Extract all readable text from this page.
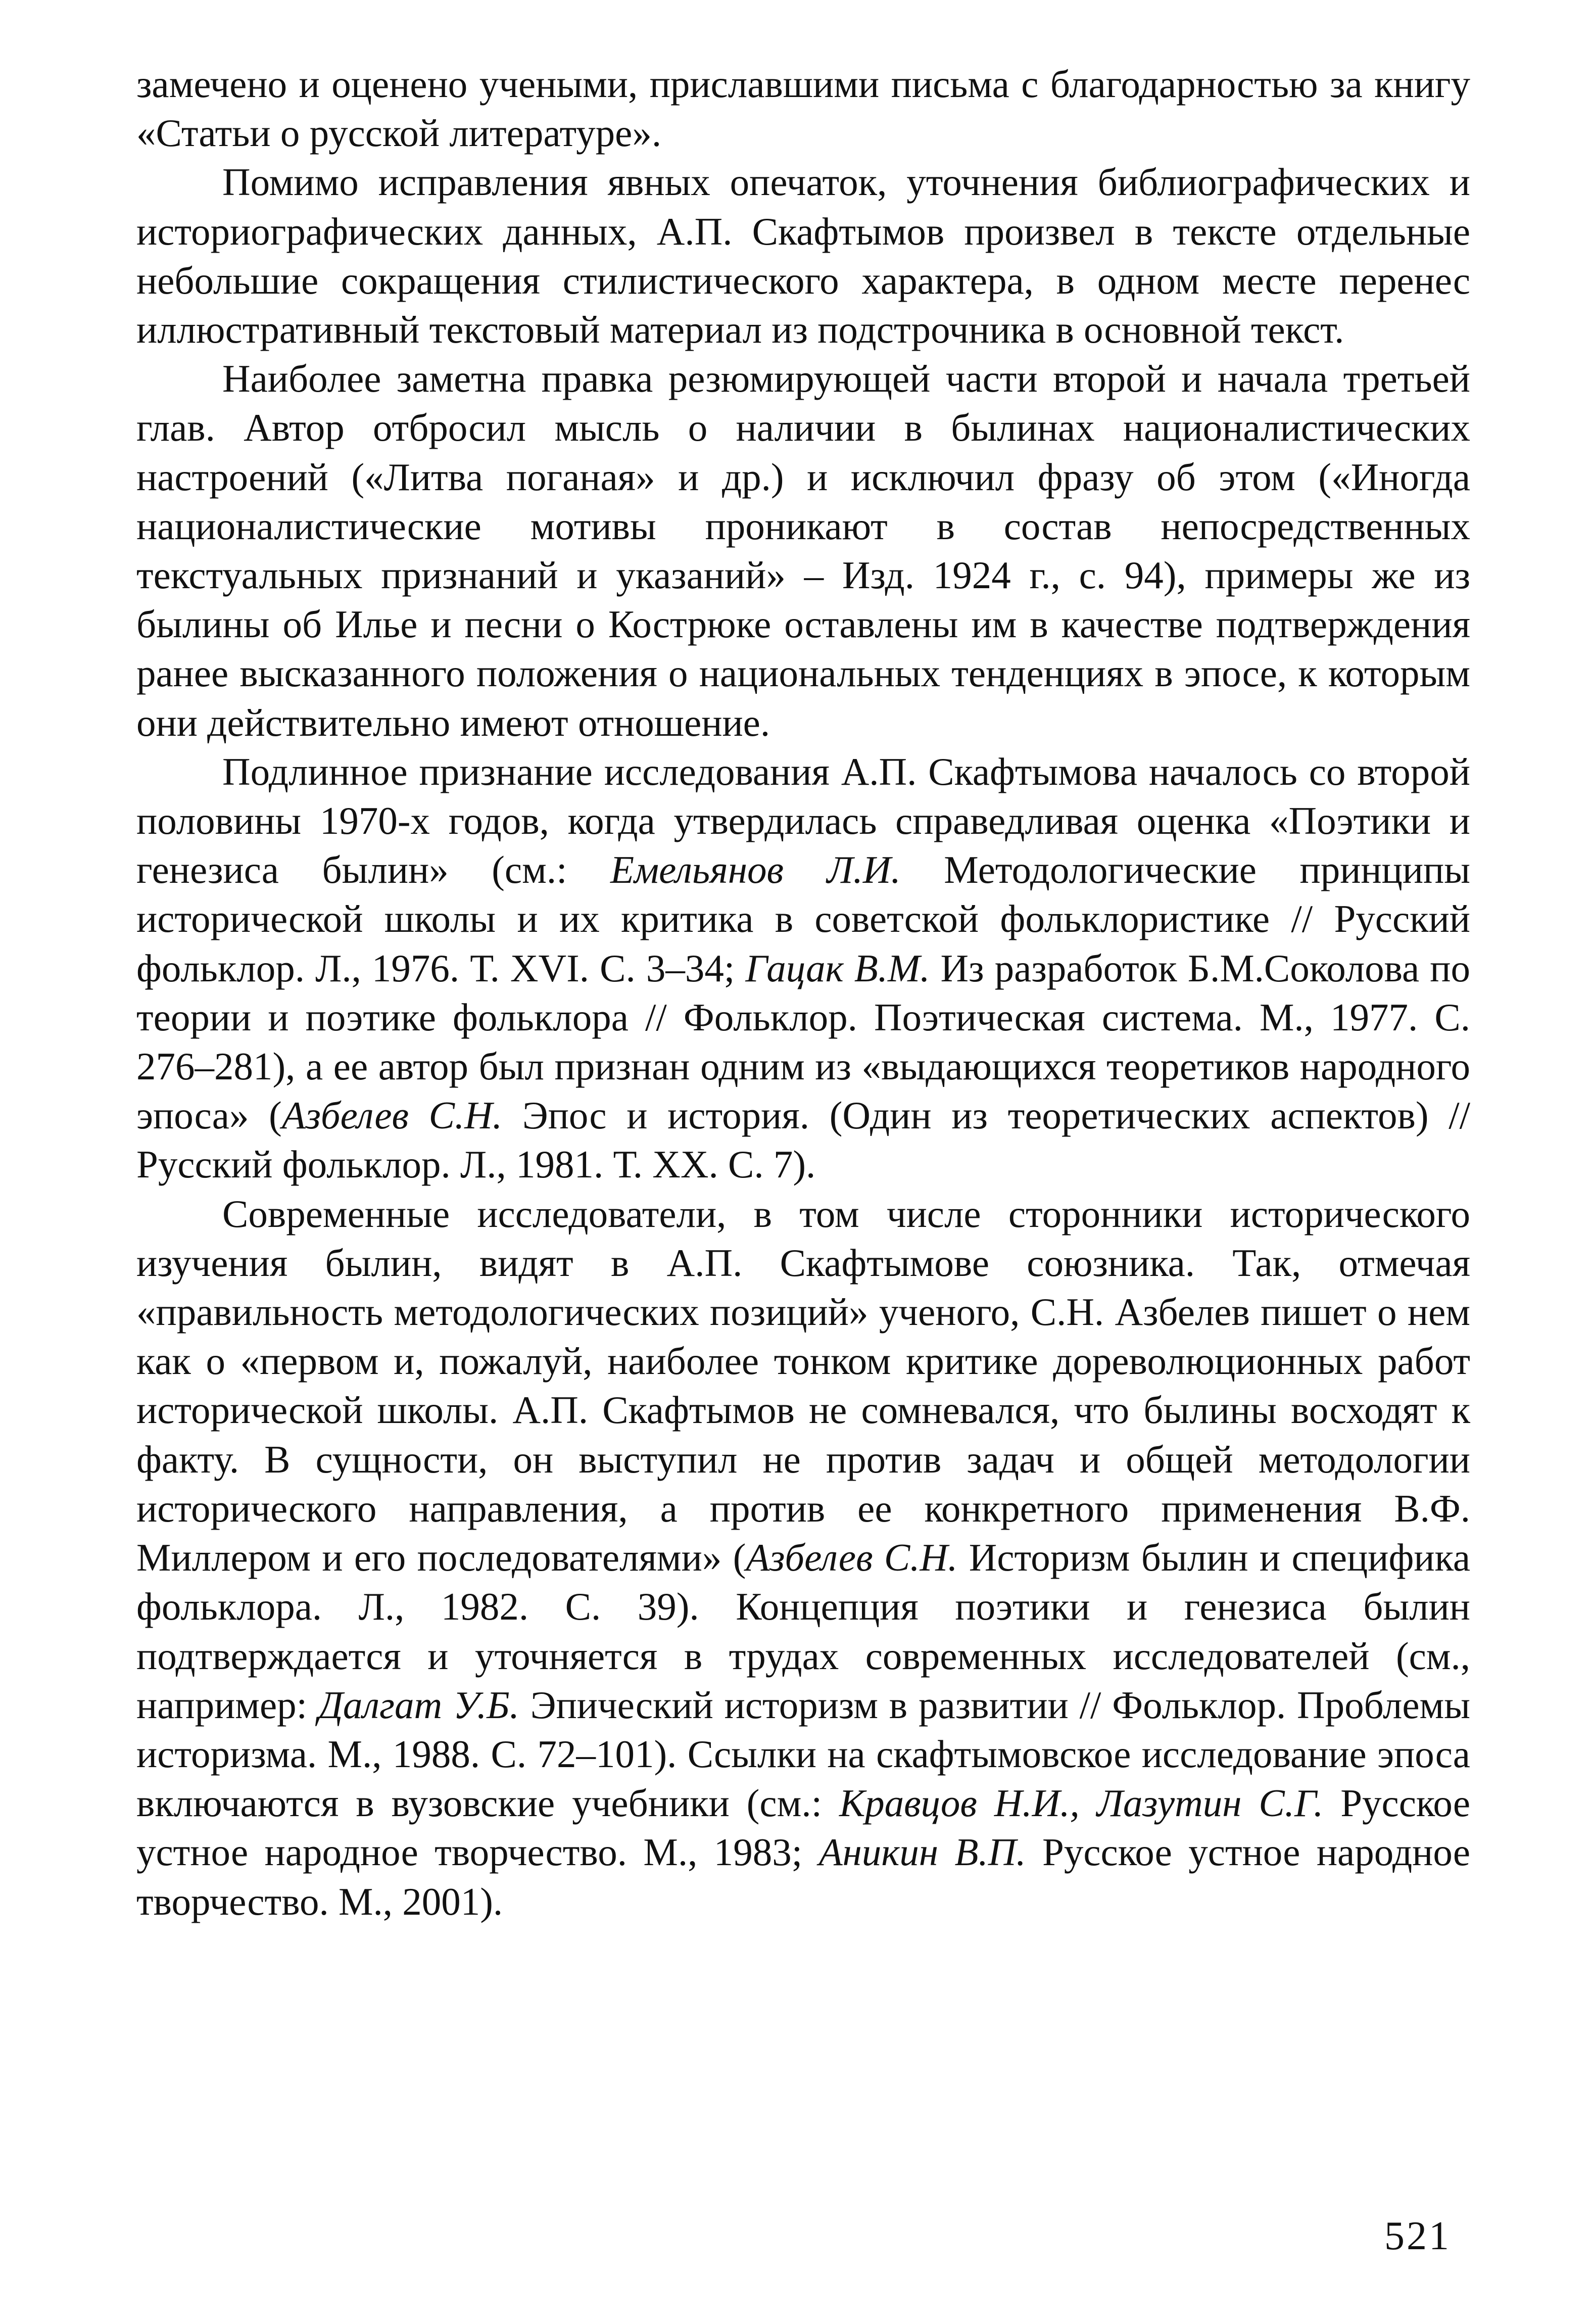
замечено и оценено учеными, приславшими письма с благодарностью за книгу «Статьи о русской литературе».

Помимо исправления явных опечаток, уточнения библиографических и историографических данных, А.П. Скафтымов произвел в тексте отдельные небольшие сокращения стилистического характера, в одном месте перенес иллюстративный текстовый материал из подстрочника в основной текст.

Наиболее заметна правка резюмирующей части второй и начала третьей глав. Автор отбросил мысль о наличии в былинах националистических настроений («Литва поганая» и др.) и исключил фразу об этом («Иногда националистические мотивы проникают в состав непосредственных текстуальных признаний и указаний» – Изд. 1924 г., с. 94), примеры же из былины об Илье и песни о Кострюке оставлены им в качестве подтверждения ранее высказанного положения о национальных тенденциях в эпосе, к которым они действительно имеют отношение.

Подлинное признание исследования А.П. Скафтымова началось со второй половины 1970-х годов, когда утвердилась справедливая оценка «Поэтики и генезиса былин» (см.: Емельянов Л.И. Методологические принципы исторической школы и их критика в советской фольклористике // Русский фольклор. Л., 1976. Т. XVI. С. 3–34; Гацак В.М. Из разработок Б.М.Соколова по теории и поэтике фольклора // Фольклор. Поэтическая система. М., 1977. С. 276–281), а ее автор был признан одним из «выдающихся теоретиков народного эпоса» (Азбелев С.Н. Эпос и история. (Один из теоретических аспектов) // Русский фольклор. Л., 1981. Т. XX. С. 7).

Современные исследователи, в том числе сторонники исторического изучения былин, видят в А.П. Скафтымове союзника. Так, отмечая «правильность методологических позиций» ученого, С.Н. Азбелев пишет о нем как о «первом и, пожалуй, наиболее тонком критике дореволюционных работ исторической школы. А.П. Скафтымов не сомневался, что былины восходят к факту. В сущности, он выступил не против задач и общей методологии исторического направления, а против ее конкретного применения В.Ф. Миллером и его последователями» (Азбелев С.Н. Историзм былин и специфика фольклора. Л., 1982. С. 39). Концепция поэтики и генезиса былин подтверждается и уточняется в трудах современных исследователей (см., например: Далгат У.Б. Эпический историзм в развитии // Фольклор. Проблемы историзма. М., 1988. С. 72–101). Ссылки на скафтымовское исследование эпоса включаются в вузовские учебники (см.: Кравцов Н.И., Лазутин С.Г. Русское устное народное творчество. М., 1983; Аникин В.П. Русское устное народное творчество. М., 2001).

521
